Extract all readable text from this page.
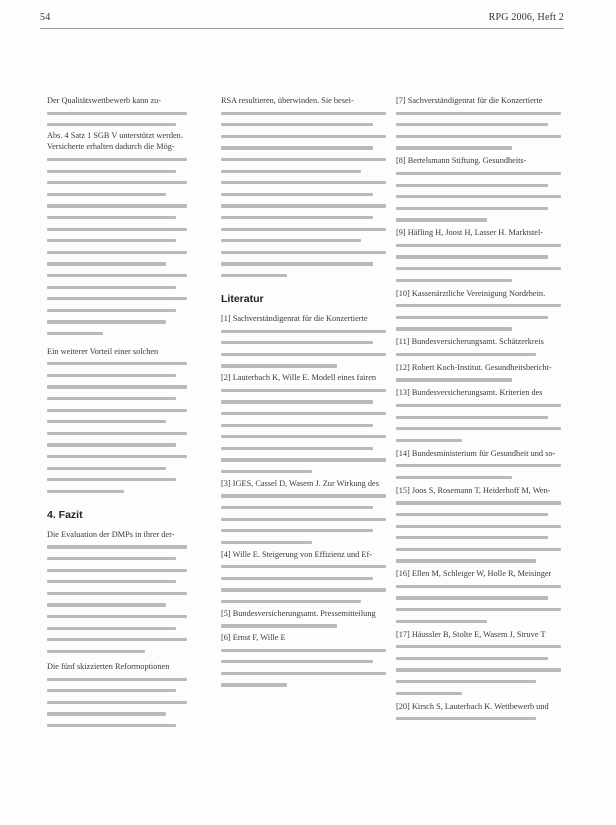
54	RPG 2006, Heft 2
Der Qualitätswettbewerb kann zu-
Abs. 4 Satz 1 SGB V unterstützt werden.
Versicherte erhalten dadurch die Mög-
Ein weiterer Vorteil einer solchen
4. Fazit
Die Evaluation der DMPs in ihrer der-
Die fünf skizzierten Reformoptionen
RSA resultieren, überwinden. Sie besei-
Literatur
[1] Sachverständigenrat für die Konzertierte
[2] Lauterbach K, Wille E. Modell eines fairen
[3] IGES, Cassel D, Wasem J. Zur Wirkung des
[4] Wille E. Steigerung von Effizienz und Ef-
[5] Bundesversicherungsamt. Pressemitteilung
[6] Ernst F, Wille E
[7] Sachverständigenrat für die Konzertierte
[8] Bertelsmann Stiftung. Gesundheits-
[9] Häfling H, Joost H, Lasser H. Marktstel-
[10] Kassenärztliche Vereinigung Nordrhein.
[11] Bundesversicherungsamt. Schätzerkreis
[12] Robert Koch-Institut. Gesundheitsbericht-
[13] Bundesversicherungsamt. Kriterien des
[14] Bundesministerium für Gesundheit und so-
[15] Joos S, Rosemann T, Heiderhoff M, Wen-
[16] Ellen M, Schleiger W, Holle R, Meisinger
[17] Häussler B, Stolte E, Wasem J, Struve T
[20] Kirsch S, Lauterbach K. Wettbewerb und
